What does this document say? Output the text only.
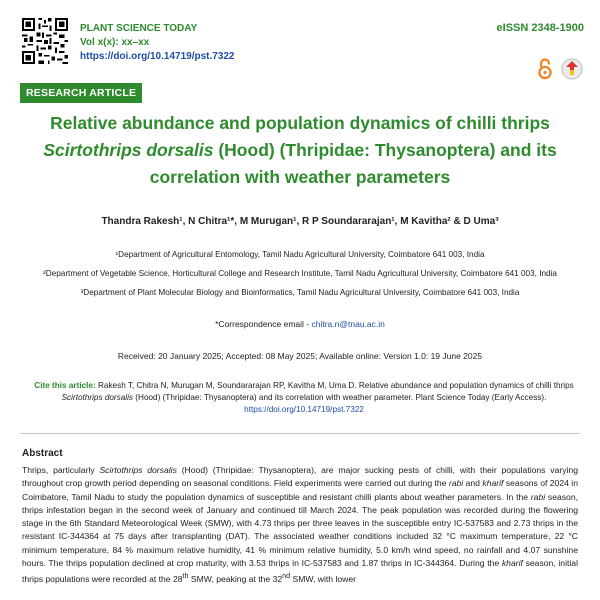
PLANT SCIENCE TODAY
Vol x(x): xx–xx
https://doi.org/10.14719/pst.7322
eISSN 2348-1900
RESEARCH ARTICLE
Relative abundance and population dynamics of chilli thrips
Scirtothrips dorsalis (Hood) (Thripidae: Thysanoptera) and its
correlation with weather parameters
Thandra Rakesh¹, N Chitra¹*, M Murugan¹, R P Soundararajan¹, M Kavitha² & D Uma³
¹Department of Agricultural Entomology, Tamil Nadu Agricultural University, Coimbatore 641 003, India
²Department of Vegetable Science, Horticultural College and Research Institute, Tamil Nadu Agricultural University, Coimbatore 641 003, India
³Department of Plant Molecular Biology and Bioinformatics, Tamil Nadu Agricultural University, Coimbatore 641 003, India
*Correspondence email - chitra.n@tnau.ac.in
Received: 20 January 2025; Accepted: 08 May 2025; Available online: Version 1.0: 19 June 2025
Cite this article: Rakesh T, Chitra N, Murugan M, Soundararajan RP, Kavitha M, Uma D. Relative abundance and population dynamics of chilli thrips Scirtothrips dorsalis (Hood) (Thripidae: Thysanoptera) and its correlation with weather parameter. Plant Science Today (Early Access).
https://doi.org/10.14719/pst.7322
Abstract
Thrips, particularly Scirtothrips dorsalis (Hood) (Thripidae: Thysanoptera), are major sucking pests of chilli, with their populations varying throughout crop growth period depending on seasonal conditions. Field experiments were carried out during the rabi and kharif seasons of 2024 in Coimbatore, Tamil Nadu to study the population dynamics of susceptible and resistant chilli plants about weather parameters. In the rabi season, thrips infestation began in the second week of January and continued till March 2024. The peak population was recorded during the flowering stage in the 6th Standard Meteorological Week (SMW), with 4.73 thrips per three leaves in the susceptible entry IC-537583 and 2.73 thrips in the resistant IC-344364 at 75 days after transplanting (DAT). The associated weather conditions included 32 °C maximum temperature, 22 °C minimum temperature, 84 % maximum relative humidity, 41 % minimum relative humidity, 5.0 km/h wind speed, no rainfall and 4.07 sunshine hours. The thrips population declined at crop maturity, with 3.53 thrips in IC-537583 and 1.87 thrips in IC-344364. During the kharif season, initial thrips populations were recorded at the 28th SMW, peaking at the 32nd SMW, with lower
